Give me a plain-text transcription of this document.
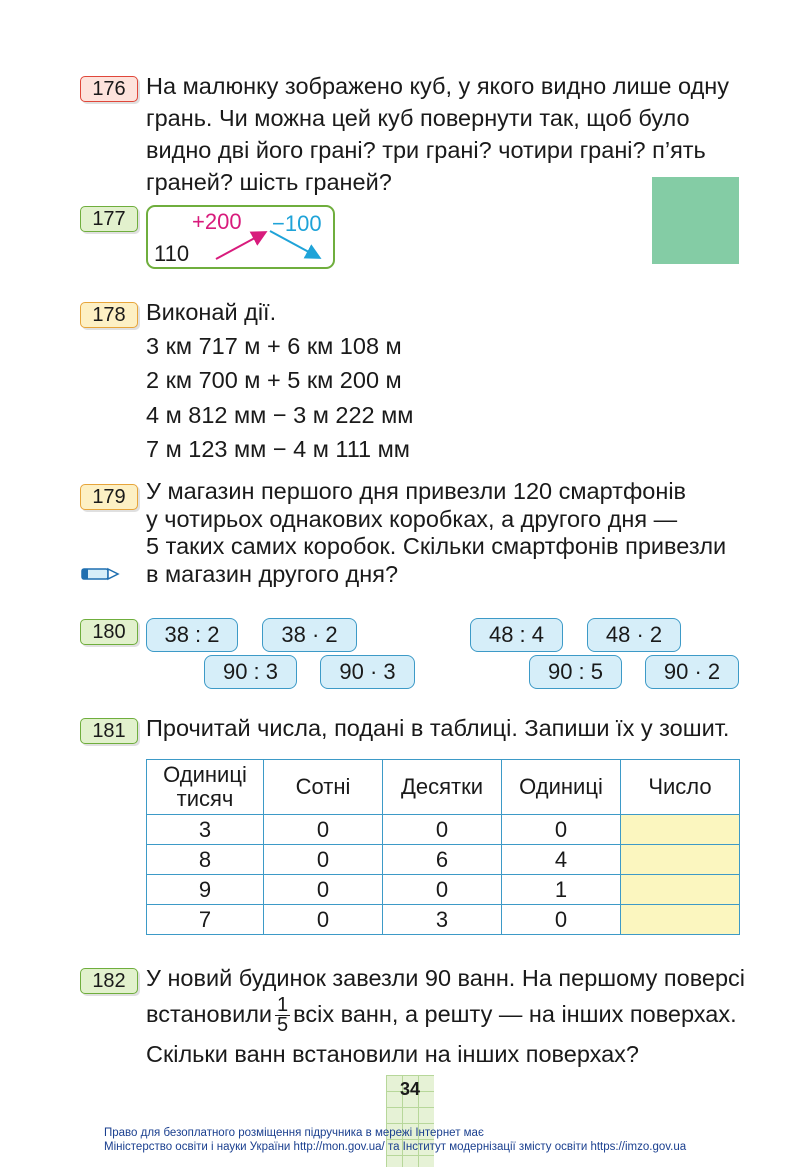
176 На малюнку зображено куб, у якого видно лише одну
грань. Чи можна цей куб повернути так, щоб було
видно дві його грані? три грані? чотири грані? п’ять
граней? шість граней?
177
110
+200 −100
178 Виконай дії.
3 км 717 м + 6 км 108 м
2 км 700 м + 5 км 200 м
4 м 812 мм − 3 м 222 мм
7 м 123 мм − 4 м 111 мм
179 У магазин першого дня привезли 120 смартфонів
у чотирьох однакових коробках, а другого дня —
5 таких самих коробок. Скільки смартфонів привезли
в магазин другого дня?
180	38 : 2	38 · 2
90 : 3	90 · 3
48 : 4	48 · 2
90 : 5	90 · 2
181 Прочитай числа, подані в таблиці. Запиши їх у зошит.
Одиниці тисяч	Сотні	Десятки	Одиниці	Число
3	0	0	0	
8	0	6	4	
9	0	0	1	
7	0	3	0	
182 У новий будинок завезли 90 ванн. На першому поверсі
встановили $\frac{1}{5}$ всіх ванн, а решту — на інших поверхах.
Скільки ванн встановили на інших поверхах?
34
Право для безоплатного розміщення підручника в мережі Інтернет має
Міністерство освіти і науки України http://mon.gov.ua/ та Інститут модернізації змісту освіти https://imzo.gov.ua
